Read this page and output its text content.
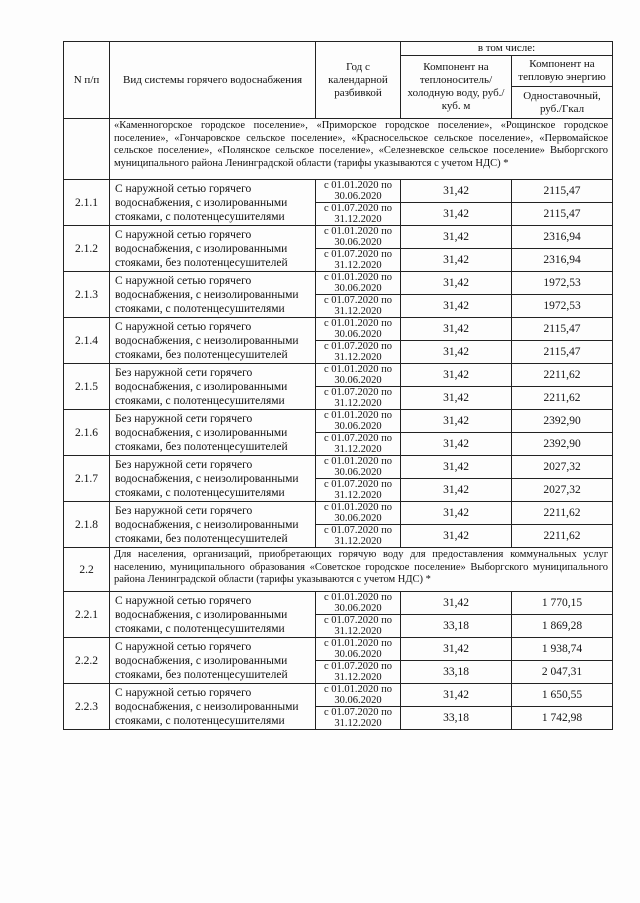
N п/п	Вид системы горячего водоснабжения	Год с календарной разбивкой	в том числе:	
			Компонент на теплоноситель/ холодную воду, руб./куб. м	Компонент на тепловую энергию
				Одноставочный, руб./Гкал
	«Каменногорское городское поселение», «Приморское городское поселение», «Рощинское городское поселение», «Гончаровское сельское поселение», «Красносельское сельское поселение», «Первомайское сельское поселение», «Полянское сельское поселение», «Селезневское сельское поселение» Выборгского муниципального района Ленинградской области (тарифы указываются с учетом НДС) *			
2.1.1	С наружной сетью горячего водоснабжения, с изолированными стояками, с полотенцесушителями	с 01.01.2020 по 30.06.2020	31,42	2115,47
		с 01.07.2020 по 31.12.2020	31,42	2115,47
2.1.2	С наружной сетью горячего водоснабжения, с изолированными стояками, без полотенцесушителей	с 01.01.2020 по 30.06.2020	31,42	2316,94
		с 01.07.2020 по 31.12.2020	31,42	2316,94
2.1.3	С наружной сетью горячего водоснабжения, с неизолированными стояками, с полотенцесушителями	с 01.01.2020 по 30.06.2020	31,42	1972,53
		с 01.07.2020 по 31.12.2020	31,42	1972,53
2.1.4	С наружной сетью горячего водоснабжения, с неизолированными стояками, без полотенцесушителей	с 01.01.2020 по 30.06.2020	31,42	2115,47
		с 01.07.2020 по 31.12.2020	31,42	2115,47
2.1.5	Без наружной сети горячего водоснабжения, с изолированными стояками, с полотенцесушителями	с 01.01.2020 по 30.06.2020	31,42	2211,62
		с 01.07.2020 по 31.12.2020	31,42	2211,62
2.1.6	Без наружной сети горячего водоснабжения, с изолированными стояками, без полотенцесушителей	с 01.01.2020 по 30.06.2020	31,42	2392,90
		с 01.07.2020 по 31.12.2020	31,42	2392,90
2.1.7	Без наружной сети горячего водоснабжения, с неизолированными стояками, с полотенцесушителями	с 01.01.2020 по 30.06.2020	31,42	2027,32
		с 01.07.2020 по 31.12.2020	31,42	2027,32
2.1.8	Без наружной сети горячего водоснабжения, с неизолированными стояками, без полотенцесушителей	с 01.01.2020 по 30.06.2020	31,42	2211,62
		с 01.07.2020 по 31.12.2020	31,42	2211,62
2.2	Для населения, организаций, приобретающих горячую воду для предоставления коммунальных услуг населению, муниципального образования «Советское городское поселение» Выборгского муниципального района Ленинградской области (тарифы указываются с учетом НДС) *			
2.2.1	С наружной сетью горячего водоснабжения, с изолированными стояками, с полотенцесушителями	с 01.01.2020 по 30.06.2020	31,42	1 770,15
		с 01.07.2020 по 31.12.2020	33,18	1 869,28
2.2.2	С наружной сетью горячего водоснабжения, с изолированными стояками, без полотенцесушителей	с 01.01.2020 по 30.06.2020	31,42	1 938,74
		с 01.07.2020 по 31.12.2020	33,18	2 047,31
2.2.3	С наружной сетью горячего водоснабжения, с неизолированными стояками, с полотенцесушителями	с 01.01.2020 по 30.06.2020	31,42	1 650,55
		с 01.07.2020 по 31.12.2020	33,18	1 742,98
